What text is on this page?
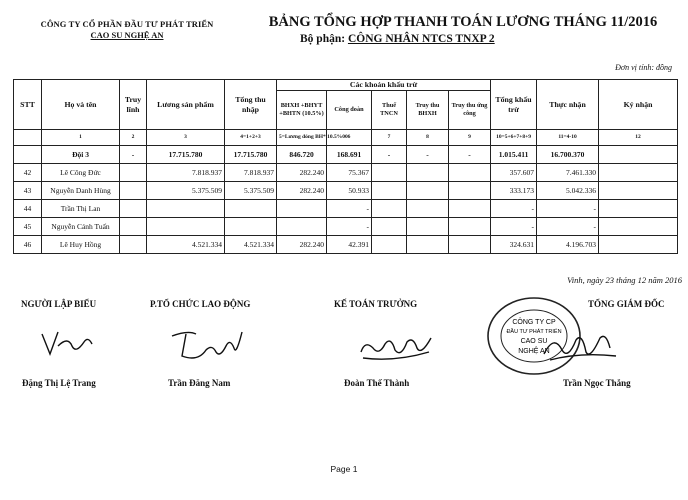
CÔNG TY CỔ PHẦN ĐẦU TƯ PHÁT TRIỂN
CAO SU NGHỆ AN
BẢNG TỔNG HỢP THANH TOÁN LƯƠNG THÁNG 11/2016
Bộ phận: CÔNG NHÂN NTCS TNXP 2
Đơn vị tính: đồng
STT	Họ và tên	Truy lĩnh	Lương sản phẩm	Tổng thu nhập	Các khoản khấu trừ					Tổng khấu trừ	Thực nhận	Ký nhận
					BHXH +BHYT +BHTN (10.5%)	Công đoàn	Thuế TNCN	Truy thu BHXH	Truy thu ứng công			
	1	2	3	4=1+2+3	5=Lương đóng BH* 10.5%00	6	7	8	9	10=5+6+7+8+9	11=4-10	12
	Đội 3	-	17.715.780	17.715.780	846.720	168.691	-	-	-	1.015.411	16.700.370	
42	Lê Công Đức		7.818.937	7.818.937	282.240	75.367				357.607	7.461.330	
43	Nguyễn Danh Hùng		5.375.509	5.375.509	282.240	50.933				333.173	5.042.336	
44	Trần Thị Lan					-				-	-	
45	Nguyễn Cảnh Tuấn					-				-	-	
46	Lê Huy Hồng		4.521.334	4.521.334	282.240	42.391				324.631	4.196.703	
Vinh, ngày 23 tháng 12 năm 2016
NGƯỜI LẬP BIỂU	P.TỔ CHỨC LAO ĐỘNG	KẾ TOÁN TRƯỞNG	TỔNG GIÁM ĐỐC
CÔNG TY CP
ĐẦU TƯ PHÁT TRIỂN
CAO SU
NGHỆ AN
Đặng Thị Lệ Trang	Trần Đăng Nam	Đoàn Thế Thành	Trần Ngọc Thắng
Page 1
